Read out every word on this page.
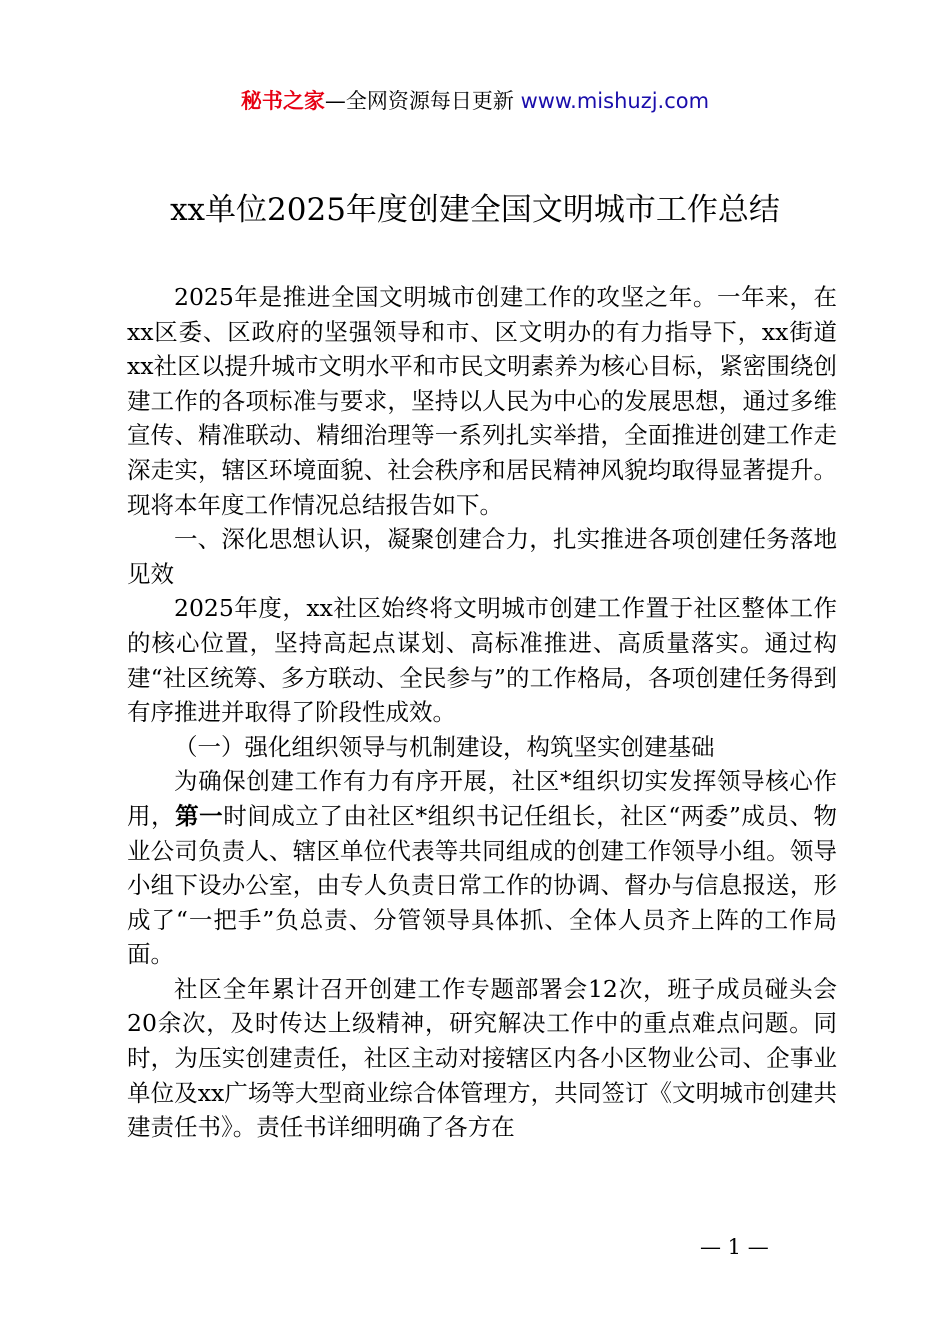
秘书之家—全网资源每日更新 www.mishuzj.com
xx单位2025年度创建全国文明城市工作总结

2025年是推进全国文明城市创建工作的攻坚之年。一年来，在xx区委、区政府的坚强领导和市、区文明办的有力指导下，xx街道xx社区以提升城市文明水平和市民文明素养为核心目标，紧密围绕创建工作的各项标准与要求，坚持以人民为中心的发展思想，通过多维宣传、精准联动、精细治理等一系列扎实举措，全面推进创建工作走深走实，辖区环境面貌、社会秩序和居民精神风貌均取得显著提升。现将本年度工作情况总结报告如下。

一、深化思想认识，凝聚创建合力，扎实推进各项创建任务落地见效

2025年度，xx社区始终将文明城市创建工作置于社区整体工作的核心位置，坚持高起点谋划、高标准推进、高质量落实。通过构建“社区统筹、多方联动、全民参与”的工作格局，各项创建任务得到有序推进并取得了阶段性成效。

（一）强化组织领导与机制建设，构筑坚实创建基础

为确保创建工作有力有序开展，社区*组织切实发挥领导核心作用，第一时间成立了由社区*组织书记任组长，社区“两委”成员、物业公司负责人、辖区单位代表等共同组成的创建工作领导小组。领导小组下设办公室，由专人负责日常工作的协调、督办与信息报送，形成了“一把手”负总责、分管领导具体抓、全体人员齐上阵的工作局面。

社区全年累计召开创建工作专题部署会12次，班子成员碰头会20余次，及时传达上级精神，研究解决工作中的重点难点问题。同时，为压实创建责任，社区主动对接辖区内各小区物业公司、企事业单位及xx广场等大型商业综合体管理方，共同签订《文明城市创建共建责任书》。责任书详细明确了各方在

— 1 —
